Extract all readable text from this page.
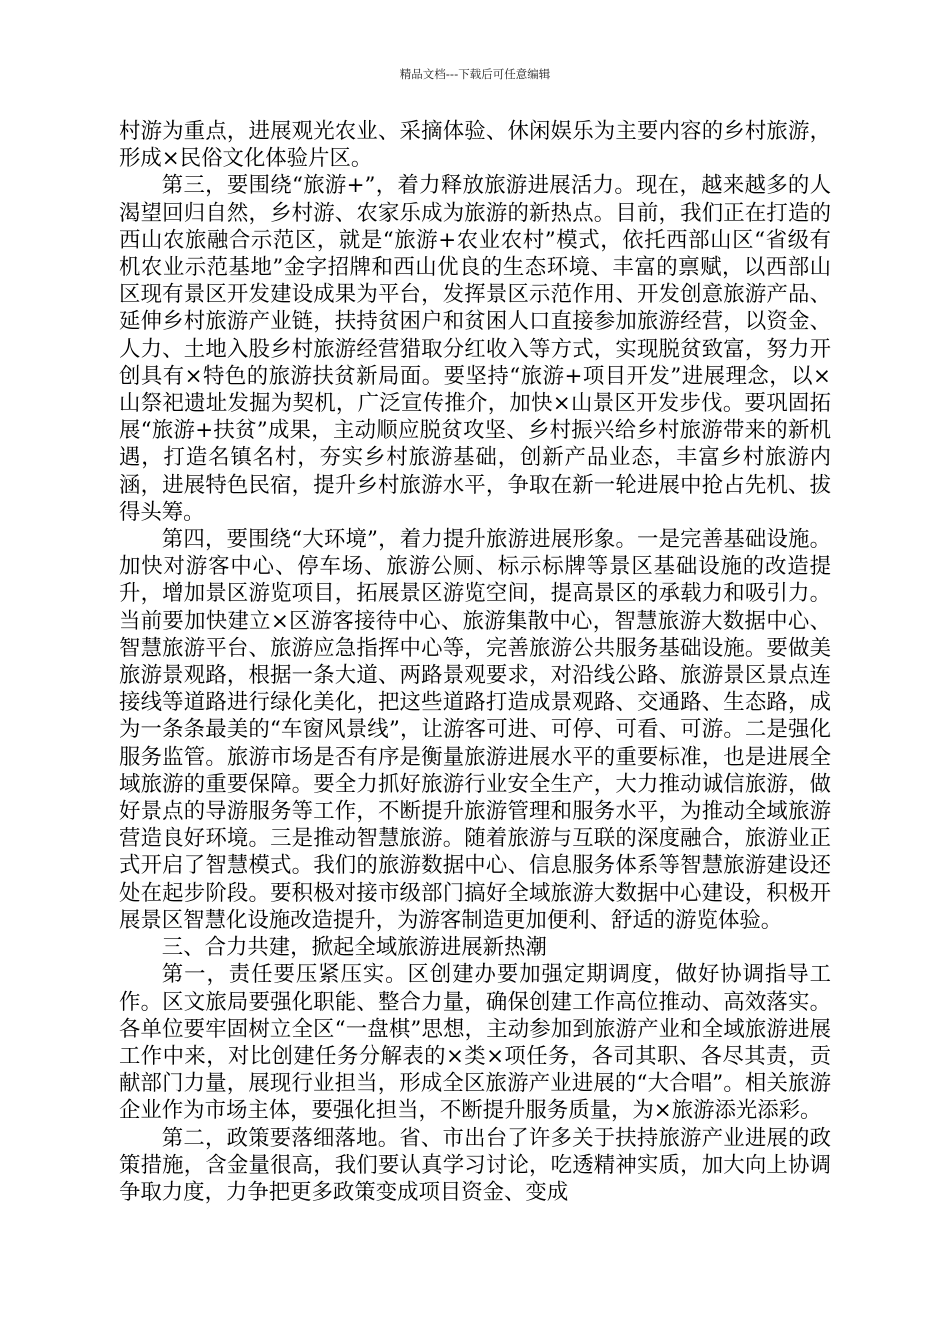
精品文档---下载后可任意编辑

村游为重点，进展观光农业、采摘体验、休闲娱乐为主要内容的乡村旅游，形成×民俗文化体验片区。

第三，要围绕“旅游+”，着力释放旅游进展活力。现在，越来越多的人渴望回归自然，乡村游、农家乐成为旅游的新热点。目前，我们正在打造的西山农旅融合示范区，就是“旅游+农业农村”模式，依托西部山区“省级有机农业示范基地”金字招牌和西山优良的生态环境、丰富的禀赋，以西部山区现有景区开发建设成果为平台，发挥景区示范作用、开发创意旅游产品、延伸乡村旅游产业链，扶持贫困户和贫困人口直接参加旅游经营，以资金、人力、土地入股乡村旅游经营猎取分红收入等方式，实现脱贫致富，努力开创具有×特色的旅游扶贫新局面。要坚持“旅游+项目开发”进展理念，以×山祭祀遗址发掘为契机，广泛宣传推介，加快×山景区开发步伐。要巩固拓展“旅游+扶贫”成果，主动顺应脱贫攻坚、乡村振兴给乡村旅游带来的新机遇，打造名镇名村，夯实乡村旅游基础，创新产品业态，丰富乡村旅游内涵，进展特色民宿，提升乡村旅游水平，争取在新一轮进展中抢占先机、拔得头筹。

第四，要围绕“大环境”，着力提升旅游进展形象。一是完善基础设施。加快对游客中心、停车场、旅游公厕、标示标牌等景区基础设施的改造提升，增加景区游览项目，拓展景区游览空间，提高景区的承载力和吸引力。当前要加快建立×区游客接待中心、旅游集散中心，智慧旅游大数据中心、智慧旅游平台、旅游应急指挥中心等，完善旅游公共服务基础设施。要做美旅游景观路，根据一条大道、两路景观要求，对沿线公路、旅游景区景点连接线等道路进行绿化美化，把这些道路打造成景观路、交通路、生态路，成为一条条最美的“车窗风景线”，让游客可进、可停、可看、可游。二是强化服务监管。旅游市场是否有序是衡量旅游进展水平的重要标准，也是进展全域旅游的重要保障。要全力抓好旅游行业安全生产，大力推动诚信旅游，做好景点的导游服务等工作，不断提升旅游管理和服务水平，为推动全域旅游营造良好环境。三是推动智慧旅游。随着旅游与互联的深度融合，旅游业正式开启了智慧模式。我们的旅游数据中心、信息服务体系等智慧旅游建设还处在起步阶段。要积极对接市级部门搞好全域旅游大数据中心建设，积极开展景区智慧化设施改造提升，为游客制造更加便利、舒适的游览体验。

三、合力共建，掀起全域旅游进展新热潮

第一，责任要压紧压实。区创建办要加强定期调度，做好协调指导工作。区文旅局要强化职能、整合力量，确保创建工作高位推动、高效落实。各单位要牢固树立全区“一盘棋”思想，主动参加到旅游产业和全域旅游进展工作中来，对比创建任务分解表的×类×项任务，各司其职、各尽其责，贡献部门力量，展现行业担当，形成全区旅游产业进展的“大合唱”。相关旅游企业作为市场主体，要强化担当，不断提升服务质量，为×旅游添光添彩。

第二，政策要落细落地。省、市出台了许多关于扶持旅游产业进展的政策措施，含金量很高，我们要认真学习讨论，吃透精神实质，加大向上协调争取力度，力争把更多政策变成项目资金、变成
